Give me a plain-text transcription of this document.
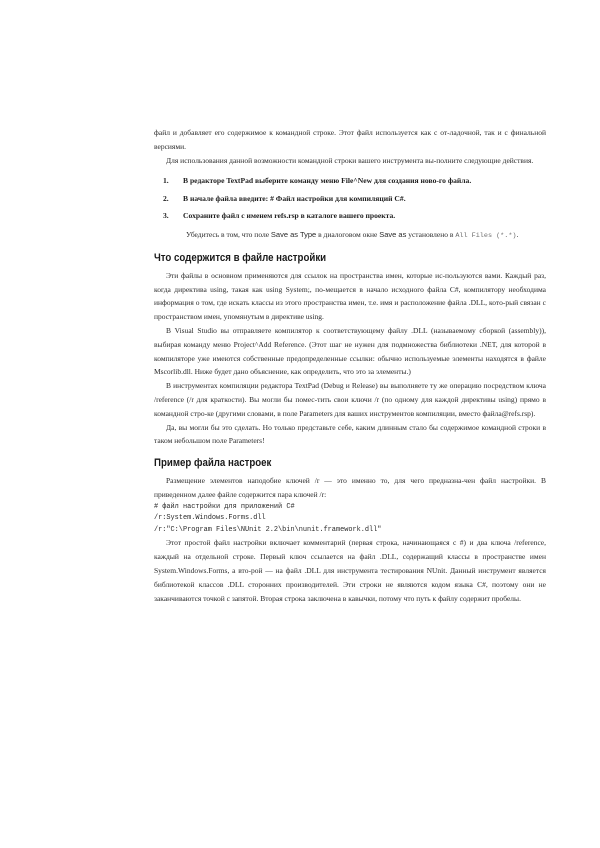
файл и добавляет его содержимое к командной строке. Этот файл используется как с от-ладочной, так и с финальной версиями.

Для использования данной возможности командной строки вашего инструмента вы-полните следующие действия.

1.	В редакторе TextPad выберите команду меню File^New для создания ново-го файла.
2.	В начале файла введите: # Файл настройки для компиляций C#.
3.	Сохраните файл с именем refs.rsp в каталоге вашего проекта.

Убедитесь в том, что поле Save as Type в диалоговом окне Save as установлено в All Files (*.*).

Что содержится в файле настройки

Эти файлы в основном применяются для ссылок на пространства имен, которые ис-пользуются вами. Каждый раз, когда директива using, такая как using System;, по-мещается в начало исходного файла C#, компилятору необходима информация о том, где искать классы из этого пространства имен, т.е. имя и расположение файла .DLL, кото-рый связан с пространством имен, упомянутым в директиве using.

В Visual Studio вы отправляете компилятор к соответствующему файлу .DLL (называемому сборкой (assembly)), выбирая команду меню Project^Add Reference. (Этот шаг не нужен для подмножества библиотеки .NET, для которой в компиляторе уже имеются собственные предопределенные ссылки: обычно используемые элементы находятся в файле Mscorlib.dll. Ниже будет дано объяснение, как определить, что это за элементы.)

В инструментах компиляции редактора TextPad (Debug и Release) вы выполняете ту же операцию посредством ключа /reference (/r для краткости). Вы могли бы помес-тить свои ключи /r (по одному для каждой директивы using) прямо в командной стро-ке (другими словами, в поле Parameters для ваших инструментов компиляции, вместо файла@refs.rsp).

Да, вы могли бы это сделать. Но только представьте себе, каким длинным стало бы содержимое командной строки в таком небольшом поле Parameters!

Пример файла настроек

Размещение элементов наподобие ключей /r — это именно то, для чего предназна-чен файл настройки. В приведенном далее файле содержится пара ключей /r:

# файл настройки для приложений C#
/r:System.Windows.Forms.dll
/r:"C:\Program Files\NUnit 2.2\bin\nunit.framework.dll"

Этот простой файл настройки включает комментарий (первая строка, начинающаяся с #) и два ключа /reference, каждый на отдельной строке. Первый ключ ссылается на файл .DLL, содержащий классы в пространстве имен System.Windows.Forms, а вто-рой — на файл .DLL для инструмента тестирования NUnit. Данный инструмент является библиотекой классов .DLL сторонних производителей. Эти строки не являются кодом языка C#, поэтому они не заканчиваются точкой с запятой. Вторая строка заключена в кавычки, потому что путь к файлу содержит пробелы.
